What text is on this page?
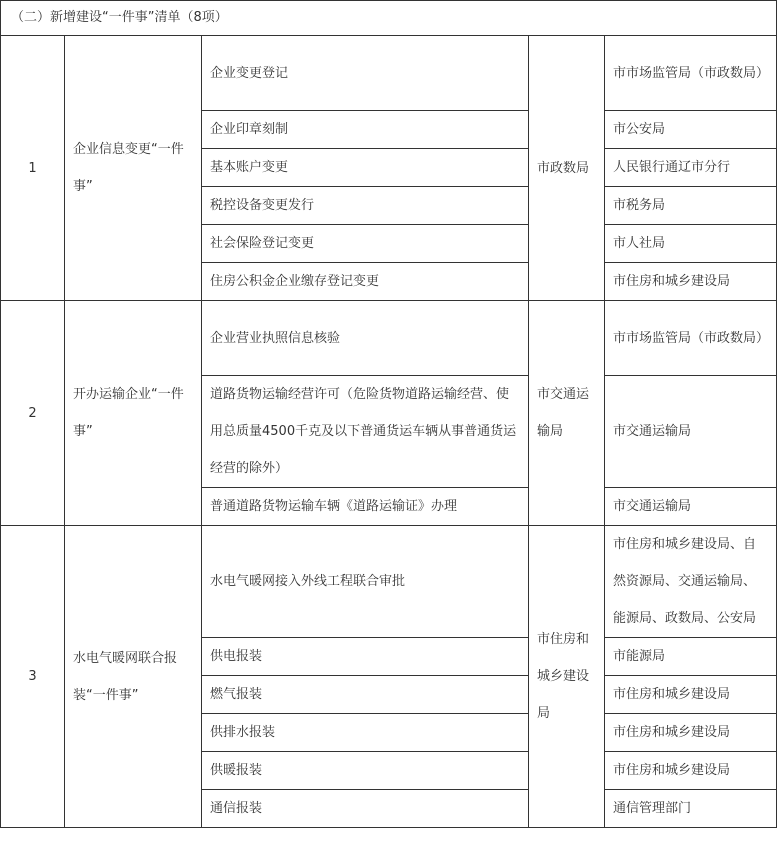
（二）新增建设“一件事”清单（8项）				
1	企业信息变更“一件事”	企业变更登记	市政数局	市市场监管局（市政数局）
		企业印章刻制		市公安局
		基本账户变更		人民银行通辽市分行
		税控设备变更发行		市税务局
		社会保险登记变更		市人社局
		住房公积金企业缴存登记变更		市住房和城乡建设局
2	开办运输企业“一件事”	企业营业执照信息核验	市交通运输局	市市场监管局（市政数局）
		道路货物运输经营许可（危险货物道路运输经营、使用总质量4500千克及以下普通货运车辆从事普通货运经营的除外）		市交通运输局
		普通道路货物运输车辆《道路运输证》办理		市交通运输局
3	水电气暖网联合报装“一件事”	水电气暖网接入外线工程联合审批	市住房和城乡建设局	市住房和城乡建设局、自然资源局、交通运输局、能源局、政数局、公安局
		供电报装		市能源局
		燃气报装		市住房和城乡建设局
		供排水报装		市住房和城乡建设局
		供暖报装		市住房和城乡建设局
		通信报装		通信管理部门
